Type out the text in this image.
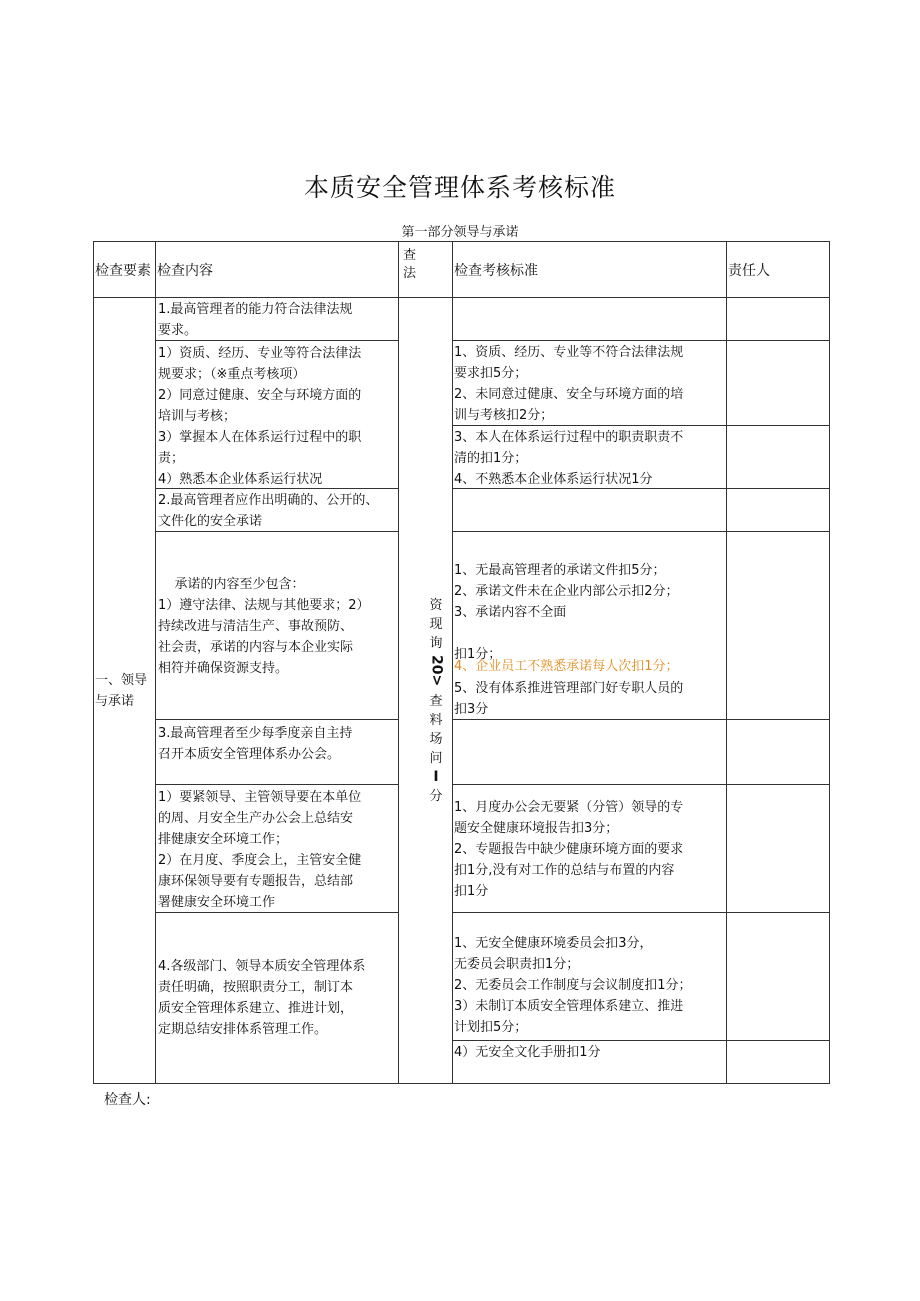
本质安全管理体系考核标准
第一部分领导与承诺
检查要素 检查内容
查
法	检查考核标准	责任人
一、领导
与承诺
资
现
询
20>
查
料
场
问
I
分
1.最高管理者的能力符合法律法规
要求。
1）资质、经历、专业等符合法律法
规要求；（※重点考核项）
2）同意过健康、安全与环境方面的
培训与考核；
3）掌握本人在体系运行过程中的职
责；
4）熟悉本企业体系运行状况
2.最高管理者应作出明确的、公开的、
文件化的安全承诺
承诺的内容至少包含：
1）遵守法律、法规与其他要求；2）
持续改进与清洁生产、事故预防、
社会责，承诺的内容与本企业实际
相符并确保资源支持。
3.最高管理者至少每季度亲自主持
召开本质安全管理体系办公会。
1）要紧领导、主管领导要在本单位
的周、月安全生产办公会上总结安
排健康安全环境工作；
2）在月度、季度会上，主管安全健
康环保领导要有专题报告，总结部
署健康安全环境工作
4.各级部门、领导本质安全管理体系
责任明确，按照职责分工，制订本
质安全管理体系建立、推进计划，
定期总结安排体系管理工作。
1、资质、经历、专业等不符合法律法规
要求扣5分；
2、未同意过健康、安全与环境方面的培
训与考核扣2分；
3、本人在体系运行过程中的职责职责不
清的扣1分；
4、不熟悉本企业体系运行状况1分
1、无最高管理者的承诺文件扣5分；
2、承诺文件未在企业内部公示扣2分；
3、承诺内容不全面

扣1分；
4、企业员工不熟悉承诺每人次扣1分；
5、没有体系推进管理部门好专职人员的
扣3分
1、月度办公会无要紧（分管）领导的专
题安全健康环境报告扣3分；
2、专题报告中缺少健康环境方面的要求
扣1分,没有对工作的总结与布置的内容
扣1分
1、无安全健康环境委员会扣3分，
无委员会职责扣1分；
2、无委员会工作制度与会议制度扣1分；
3）未制订本质安全管理体系建立、推进
计划扣5分；
4）无安全文化手册扣1分
检查人:
